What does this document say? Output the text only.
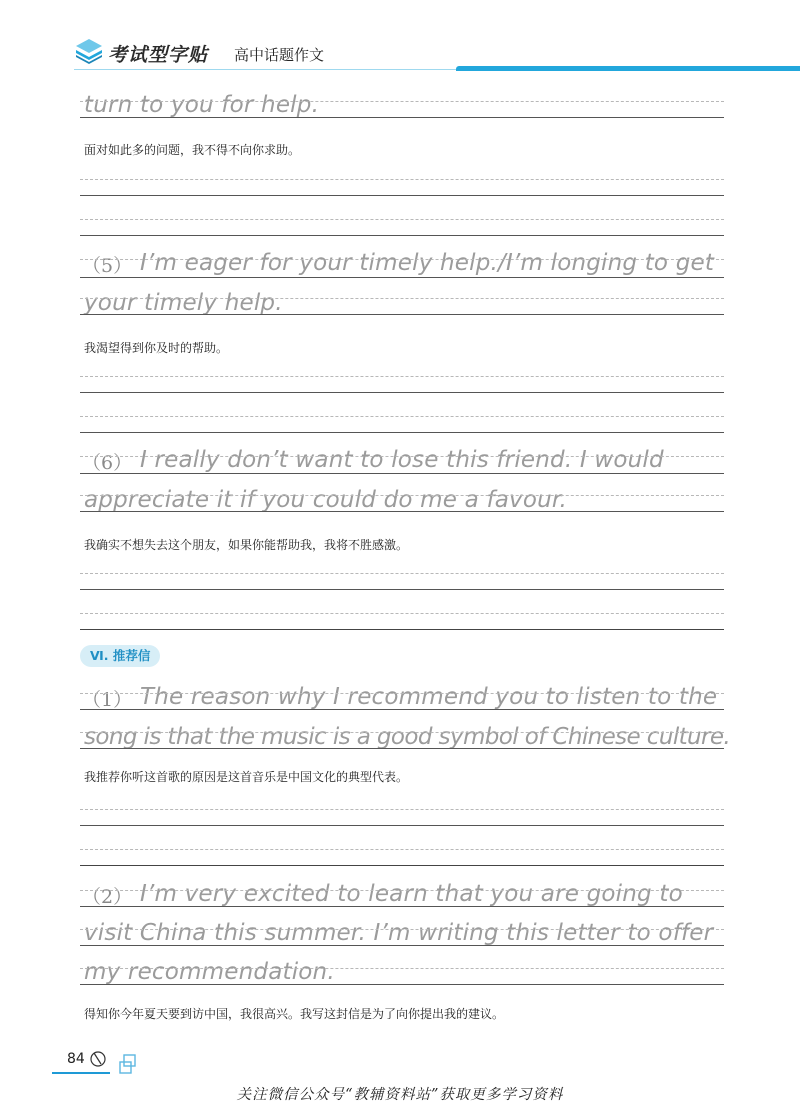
考试型字贴 高中话题作文
turn to you for help.
面对如此多的问题，我不得不向你求助。
（5） I’m eager for your timely help./I’m longing to get
your timely help.
我渴望得到你及时的帮助。
（6） I really don’t want to lose this friend. I would
appreciate it if you could do me a favour.
我确实不想失去这个朋友，如果你能帮助我，我将不胜感激。
Ⅵ. 推荐信
（1） The reason why I recommend you to listen to the
song is that the music is a good symbol of Chinese culture.
我推荐你听这首歌的原因是这首音乐是中国文化的典型代表。
（2） I’m very excited to learn that you are going to
visit China this summer. I’m writing this letter to offer
my recommendation.
得知你今年夏天要到访中国，我很高兴。我写这封信是为了向你提出我的建议。
84
关注微信公众号“教辅资料站”获取更多学习资料
